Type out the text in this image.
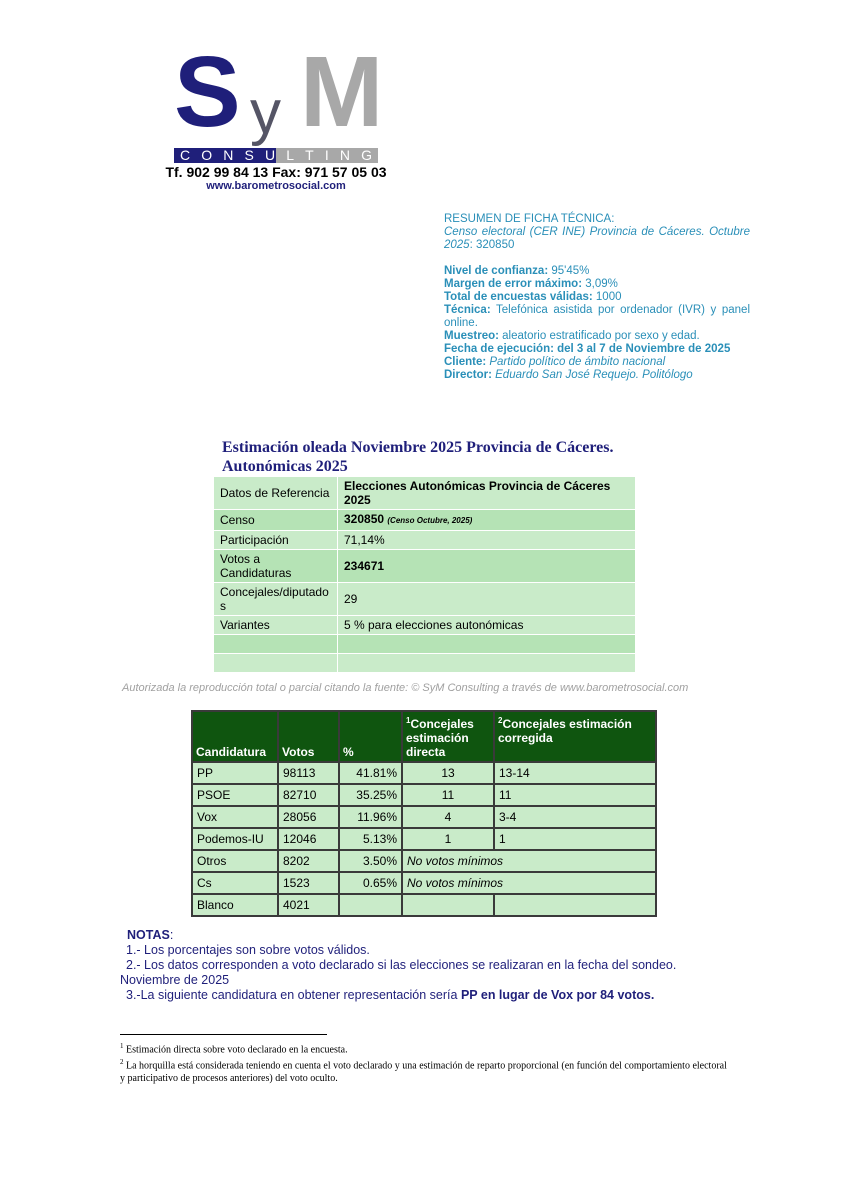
S y M
C O N S U L T I N G
Tf. 902 99 84 13 Fax: 971 57 05 03
www.barometrosocial.com

RESUMEN DE FICHA TÉCNICA:

Censo electoral (CER INE) Provincia de Cáceres. Octubre 2025: 320850

Nivel de confianza: 95'45%

Margen de error máximo: 3,09%

Total de encuestas válidas: 1000

Técnica: Telefónica asistida por ordenador (IVR) y panel online.

Muestreo: aleatorio estratificado por sexo y edad.

Fecha de ejecución: del 3 al 7 de Noviembre de 2025

Cliente: Partido político de ámbito nacional

Director: Eduardo San José Requejo. Politólogo

Estimación oleada Noviembre 2025 Provincia de Cáceres.
Autonómicas 2025
Datos de Referencia	Elecciones Autonómicas Provincia de Cáceres 2025
Censo	320850 (Censo Octubre, 2025)
Participación	71,14%
Votos a Candidaturas	234671
Concejales/diputados	29
Variantes	5 % para elecciones autonómicas

Autorizada la reproducción total o parcial citando la fuente: © SyM Consulting a través de www.barometrosocial.com
Candidatura	Votos	%	$^1$Concejales estimación directa	$^2$Concejales estimación corregida
PP	98113	41.81%	13	13-14
PSOE	82710	35.25%	11	11
Vox	28056	11.96%	4	3-4
Podemos-IU	12046	5.13%	1	1
Otros	8202	3.50%	No votos mínimos	
Cs	1523	0.65%	No votos mínimos	
Blanco	4021			

NOTAS:

1.- Los porcentajes son sobre votos válidos.

2.- Los datos corresponden a voto declarado si las elecciones se realizaran en la fecha del sondeo.

Noviembre de 2025

3.-La siguiente candidatura en obtener representación sería PP en lugar de Vox por 84 votos.

$^1$ Estimación directa sobre voto declarado en la encuesta.

$^2$ La horquilla está considerada teniendo en cuenta el voto declarado y una estimación de reparto proporcional (en función del comportamiento electoral y participativo de procesos anteriores) del voto oculto.
